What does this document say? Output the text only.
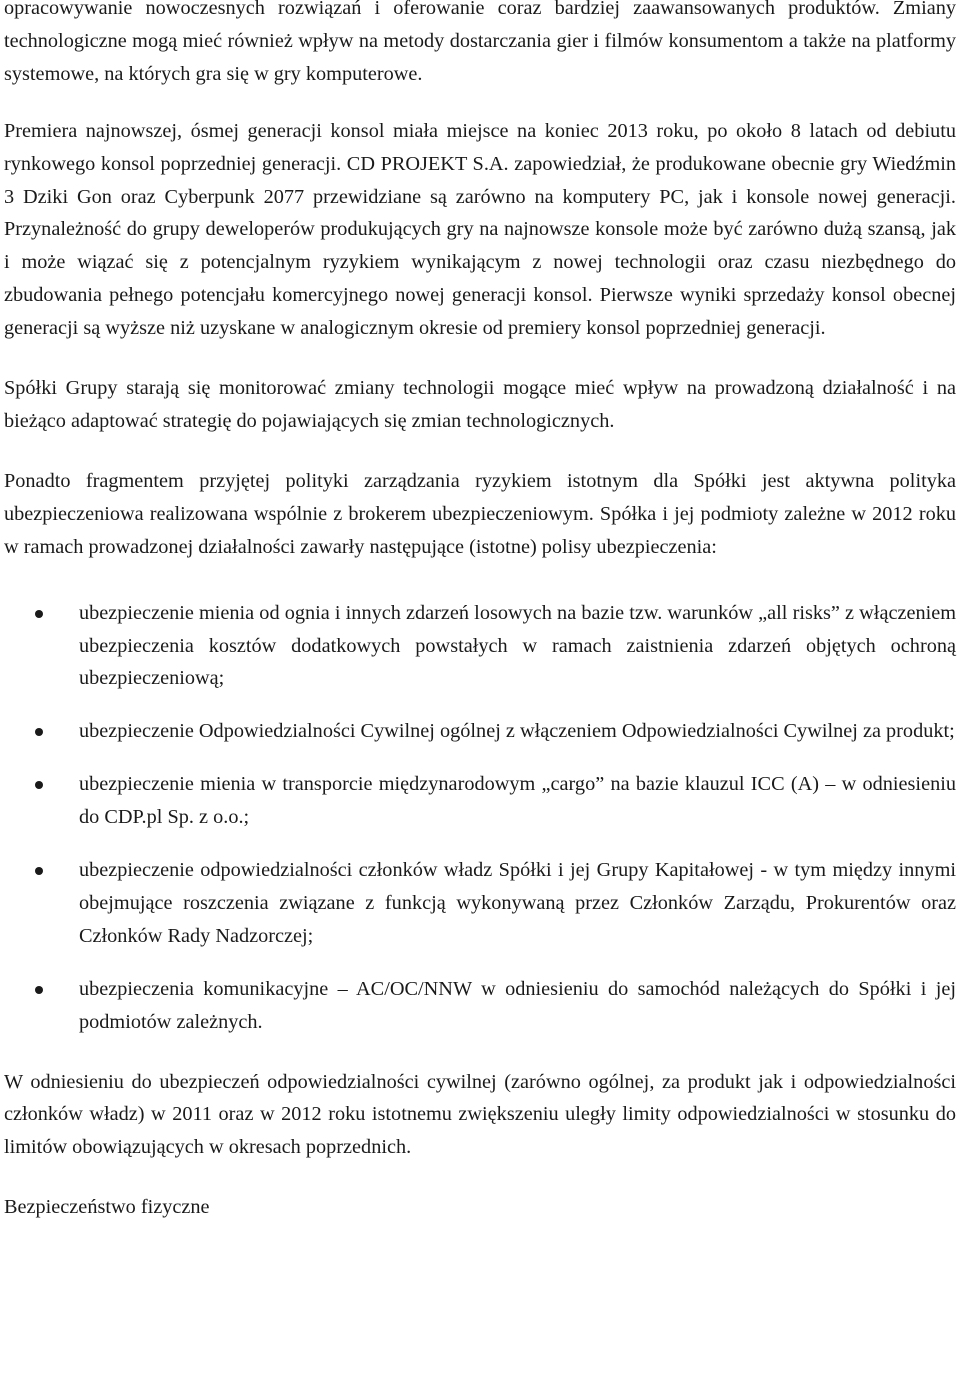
opracowywanie nowoczesnych rozwiązań i oferowanie coraz bardziej zaawansowanych produktów. Zmiany technologiczne mogą mieć również wpływ na metody dostarczania gier i filmów konsumentom a także na platformy systemowe, na których gra się w gry komputerowe.

Premiera najnowszej, ósmej generacji konsol miała miejsce na koniec 2013 roku, po około 8 latach od debiutu rynkowego konsol poprzedniej generacji. CD PROJEKT S.A. zapowiedział, że produkowane obecnie gry Wiedźmin 3 Dziki Gon oraz Cyberpunk 2077 przewidziane są zarówno na komputery PC, jak i konsole nowej generacji. Przynależność do grupy deweloperów produkujących gry na najnowsze konsole może być zarówno dużą szansą, jak i może wiązać się z potencjalnym ryzykiem wynikającym z nowej technologii oraz czasu niezbędnego do zbudowania pełnego potencjału komercyjnego nowej generacji konsol. Pierwsze wyniki sprzedaży konsol obecnej generacji są wyższe niż uzyskane w analogicznym okresie od premiery konsol poprzedniej generacji.

Spółki Grupy starają się monitorować zmiany technologii mogące mieć wpływ na prowadzoną działalność i na bieżąco adaptować strategię do pojawiających się zmian technologicznych.

Ponadto fragmentem przyjętej polityki zarządzania ryzykiem istotnym dla Spółki jest aktywna polityka ubezpieczeniowa realizowana wspólnie z brokerem ubezpieczeniowym. Spółka i jej podmioty zależne w 2012 roku w ramach prowadzonej działalności zawarły następujące (istotne) polisy ubezpieczenia:

ubezpieczenie mienia od ognia i innych zdarzeń losowych na bazie tzw. warunków „all risks” z włączeniem ubezpieczenia kosztów dodatkowych powstałych w ramach zaistnienia zdarzeń objętych ochroną ubezpieczeniową;
ubezpieczenie Odpowiedzialności Cywilnej ogólnej z włączeniem Odpowiedzialności Cywilnej za produkt;
ubezpieczenie mienia w transporcie międzynarodowym „cargo” na bazie klauzul ICC (A) – w odniesieniu do CDP.pl Sp. z o.o.;
ubezpieczenie odpowiedzialności członków władz Spółki i jej Grupy Kapitałowej - w tym między innymi obejmujące roszczenia związane z funkcją wykonywaną przez Członków Zarządu, Prokurentów oraz Członków Rady Nadzorczej;
ubezpieczenia komunikacyjne – AC/OC/NNW w odniesieniu do samochód należących do Spółki i jej podmiotów zależnych.

W odniesieniu do ubezpieczeń odpowiedzialności cywilnej (zarówno ogólnej, za produkt jak i odpowiedzialności członków władz) w 2011 oraz w 2012 roku istotnemu zwiększeniu uległy limity odpowiedzialności w stosunku do limitów obowiązujących w okresach poprzednich.

Bezpieczeństwo fizyczne
